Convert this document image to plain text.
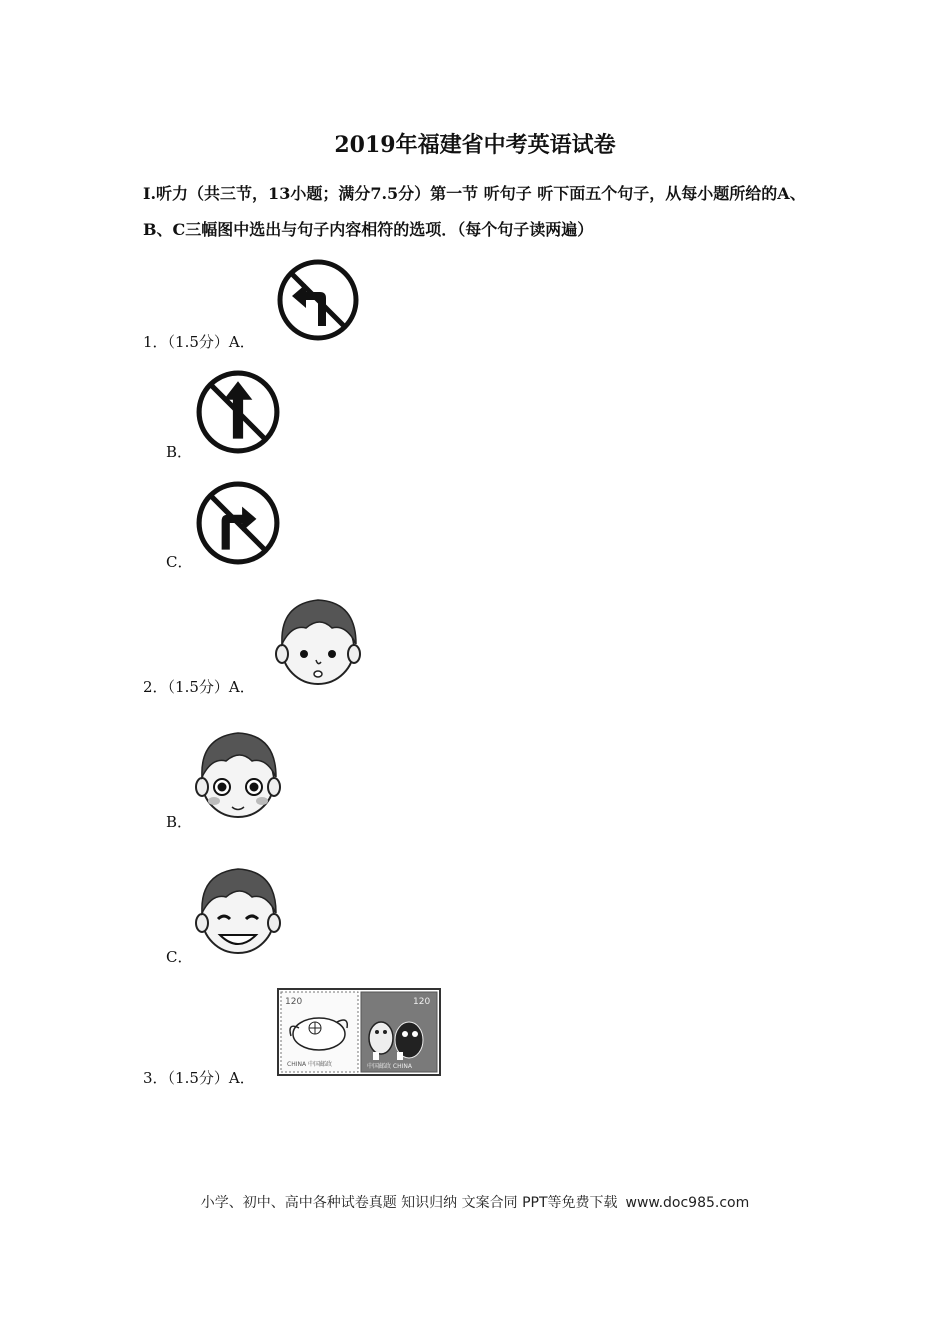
2019年福建省中考英语试卷
Ⅰ.听力（共三节，13小题；满分7.5分）第一节 听句子 听下面五个句子，从每小题所给的A、B、C三幅图中选出与句子内容相符的选项．（每个句子读两遍）
1．（1.5分）A．
B．
C．
2．（1.5分）A．
B．
C．
3．（1.5分）A．
120
CHINA 中国邮政
120
中国邮政 CHINA
小学、初中、高中各种试卷真题 知识归纳 文案合同 PPT等免费下载 www.doc985.com
